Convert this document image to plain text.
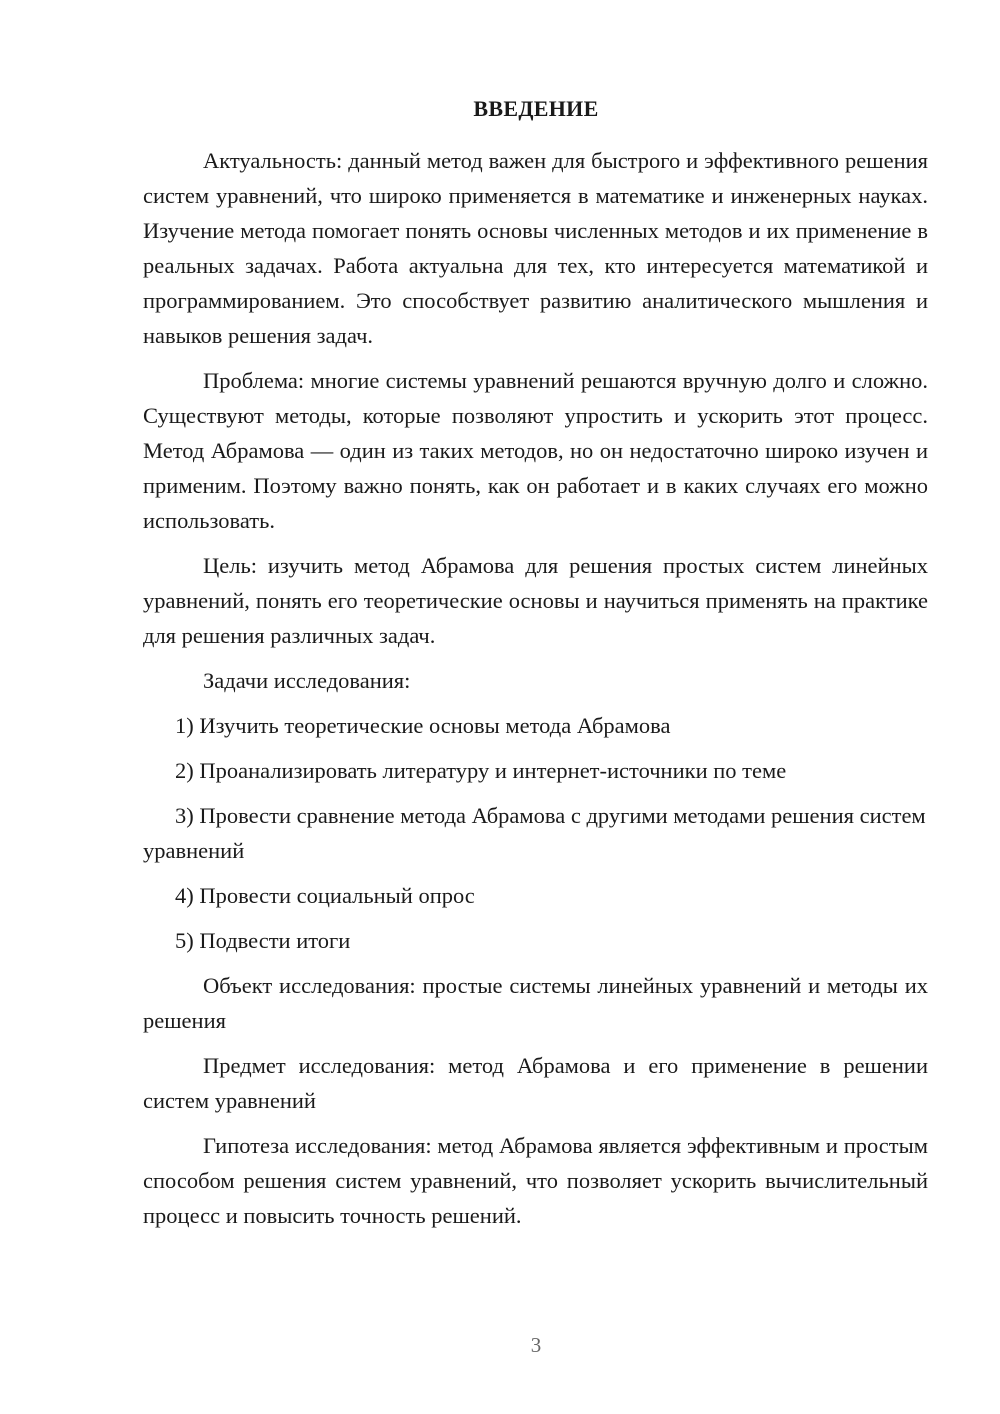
ВВЕДЕНИЕ

Актуальность: данный метод важен для быстрого и эффективного решения систем уравнений, что широко применяется в математике и инженерных науках. Изучение метода помогает понять основы численных методов и их применение в реальных задачах. Работа актуальна для тех, кто интересуется математикой и программированием. Это способствует развитию аналитического мышления и навыков решения задач.

Проблема: многие системы уравнений решаются вручную долго и сложно. Существуют методы, которые позволяют упростить и ускорить этот процесс. Метод Абрамова — один из таких методов, но он недостаточно широко изучен и применим. Поэтому важно понять, как он работает и в каких случаях его можно использовать.

Цель: изучить метод Абрамова для решения простых систем линейных уравнений, понять его теоретические основы и научиться применять на практике для решения различных задач.

Задачи исследования:

1) Изучить теоретические основы метода Абрамова

2) Проанализировать литературу и интернет-источники по теме

3) Провести сравнение метода Абрамова с другими методами решения систем уравнений

4) Провести социальный опрос

5) Подвести итоги

Объект исследования: простые системы линейных уравнений и методы их решения

Предмет исследования: метод Абрамова и его применение в решении систем уравнений

Гипотеза исследования: метод Абрамова является эффективным и простым способом решения систем уравнений, что позволяет ускорить вычислительный процесс и повысить точность решений.

3
